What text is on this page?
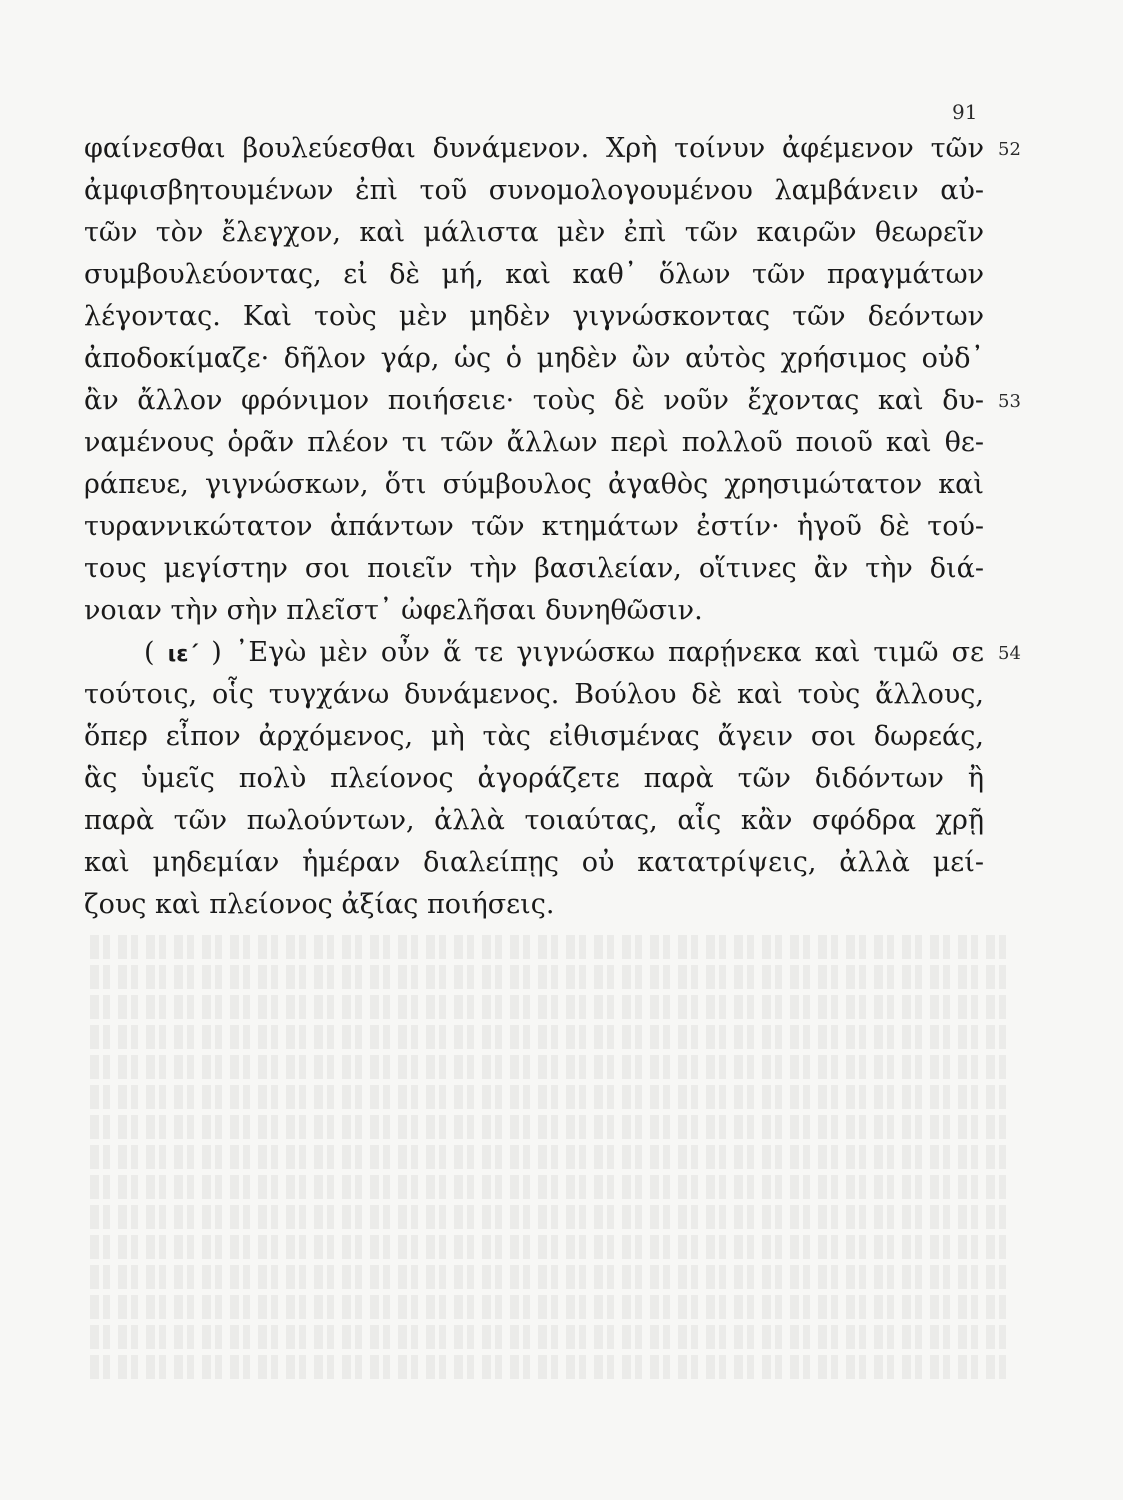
91
52
53
54
φαίνεσθαι βουλεύεσθαι δυνάμενον. Χρὴ τοίνυν ἀφέμενον τῶν
ἀμφισβητουμένων ἐπὶ τοῦ συνομολογουμένου λαμβάνειν αὐ-
τῶν τὸν ἔλεγχον, καὶ μάλιστα μὲν ἐπὶ τῶν καιρῶν θεωρεῖν
συμβουλεύοντας, εἰ δὲ μή, καὶ καθ᾽ ὅλων τῶν πραγμάτων
λέγοντας. Καὶ τοὺς μὲν μηδὲν γιγνώσκοντας τῶν δεόντων
ἀποδοκίμαζε· δῆλον γάρ, ὡς ὁ μηδὲν ὢν αὐτὸς χρήσιμος οὐδ᾽
ἂν ἄλλον φρόνιμον ποιήσειε· τοὺς δὲ νοῦν ἔχοντας καὶ δυ-
ναμένους ὁρᾶν πλέον τι τῶν ἄλλων περὶ πολλοῦ ποιοῦ καὶ θε-
ράπευε, γιγνώσκων, ὅτι σύμβουλος ἀγαθὸς χρησιμώτατον καὶ
τυραννικώτατον ἁπάντων τῶν κτημάτων ἐστίν· ἡγοῦ δὲ τού-
τους μεγίστην σοι ποιεῖν τὴν βασιλείαν, οἵτινες ἂν τὴν διά-
νοιαν τὴν σὴν πλεῖστ᾽ ὠφελῆσαι δυνηθῶσιν.
( ιε΄ ) ᾿Εγὼ μὲν οὖν ἅ τε γιγνώσκω παρῄνεκα καὶ τιμῶ σε
τούτοις, οἷς τυγχάνω δυνάμενος. Βούλου δὲ καὶ τοὺς ἄλλους,
ὅπερ εἶπον ἀρχόμενος, μὴ τὰς εἰθισμένας ἄγειν σοι δωρεάς,
ἃς ὑμεῖς πολὺ πλείονος ἀγοράζετε παρὰ τῶν διδόντων ἢ
παρὰ τῶν πωλούντων, ἀλλὰ τοιαύτας, αἷς κἂν σφόδρα χρῇ
καὶ μηδεμίαν ἡμέραν διαλείπῃς οὐ κατατρίψεις, ἀλλὰ μεί-
ζους καὶ πλείονος ἀξίας ποιήσεις.
